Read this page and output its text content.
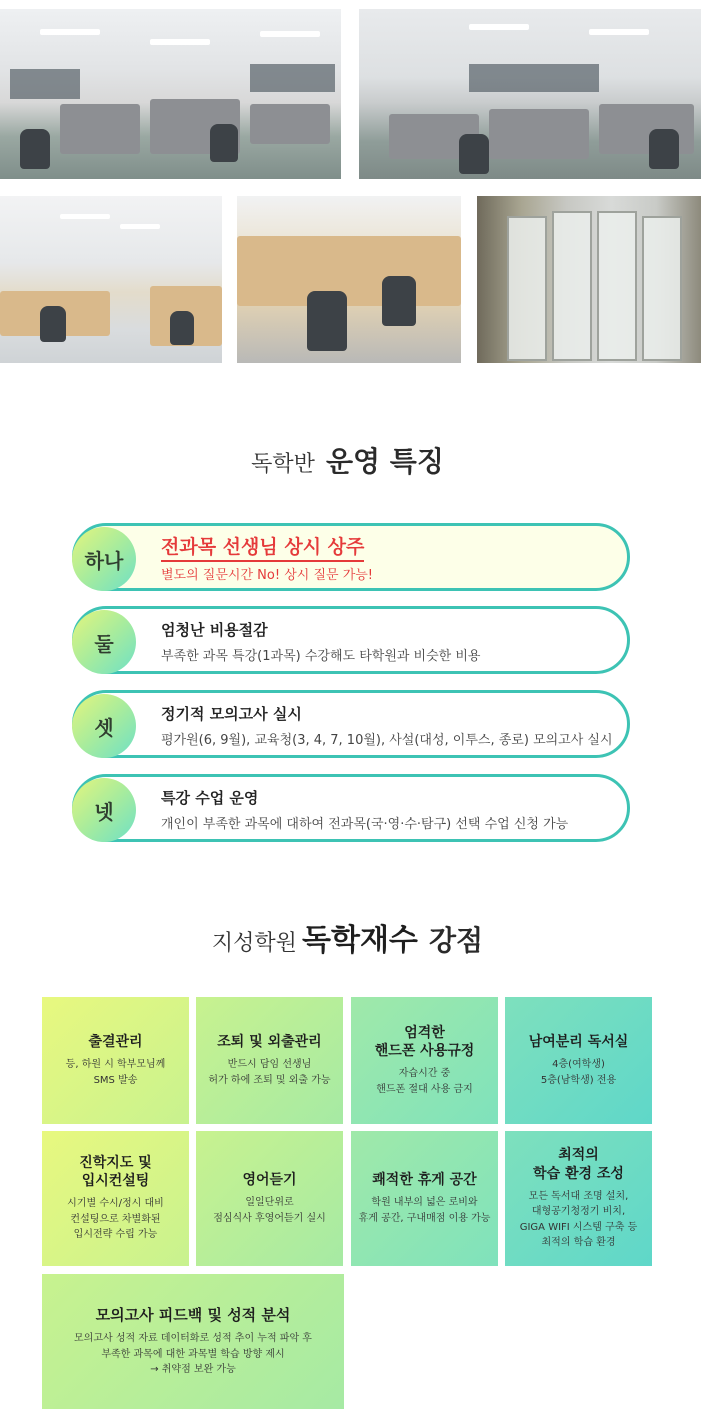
독학반 운영 특징
하나
전과목 선생님 상시 상주
별도의 질문시간 No! 상시 질문 가능!
둘
엄청난 비용절감
부족한 과목 특강(1과목) 수강해도 타학원과 비슷한 비용
셋
정기적 모의고사 실시
평가원(6, 9월), 교육청(3, 4, 7, 10월), 사설(대성, 이투스, 종로) 모의고사 실시
넷
특강 수업 운영
개인이 부족한 과목에 대하여 전과목(국·영·수·탐구) 선택 수업 신청 가능
지성학원 독학재수 강점
출결관리
등, 하원 시 학부모님께
SMS 발송
조퇴 및 외출관리
반드시 담임 선생님
허가 하에 조퇴 및 외출 가능
엄격한
핸드폰 사용규정
자습시간 중
핸드폰 절대 사용 금지
남여분리 독서실
4층(여학생)
5층(남학생) 전용
진학지도 및
입시컨설팅
시기별 수시/정시 대비
컨설팅으로 차별화된
입시전략 수립 가능
영어듣기
일일단위로
점심식사 후영어듣기 실시
쾌적한 휴게 공간
학원 내부의 넓은 로비와
휴게 공간, 구내매점 이용 가능
최적의
학습 환경 조성
모든 독서대 조명 설치,
대형공기청정기 비치,
GIGA WIFI 시스템 구축 등
최적의 학습 환경
모의고사 피드백 및 성적 분석
모의고사 성적 자료 데이터화로 성적 추이 누적 파악 후
부족한 과목에 대한 과목별 학습 방향 제시
→ 취약점 보완 가능
